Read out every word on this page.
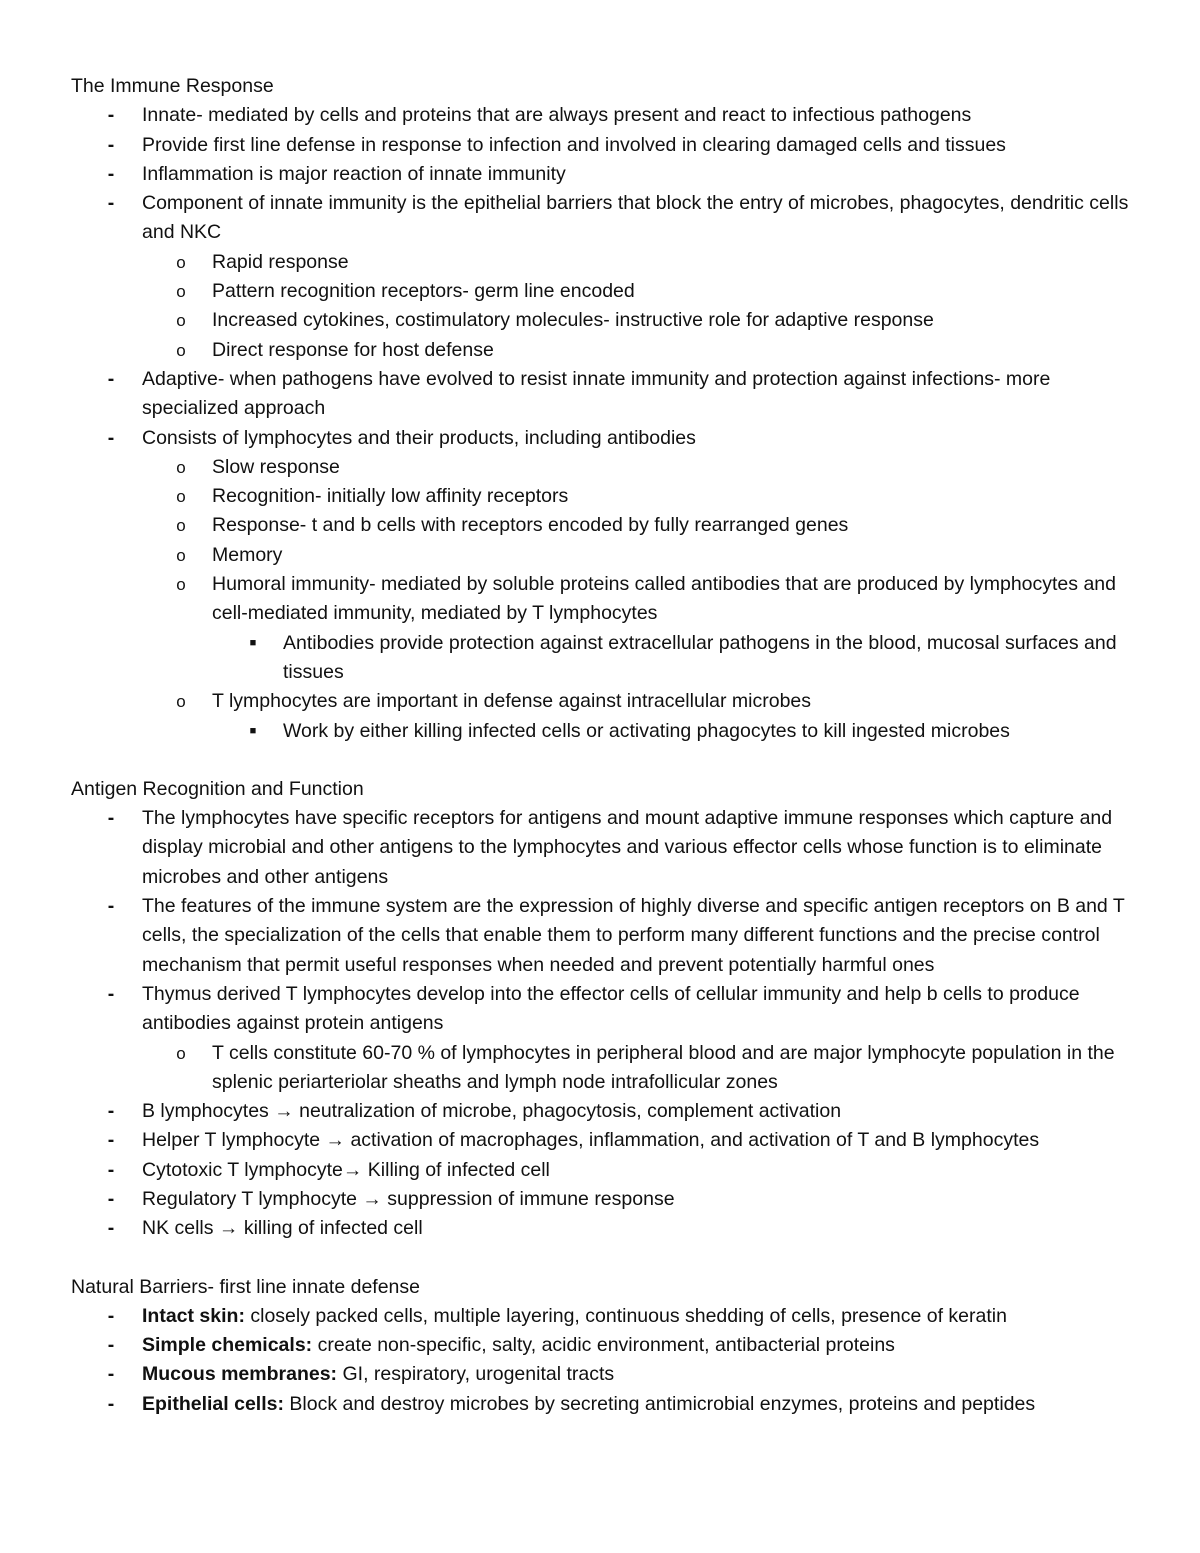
The Immune Response

-	Innate- mediated by cells and proteins that are always present and react to infectious pathogens
-	Provide first line defense in response to infection and involved in clearing damaged cells and tissues
-	Inflammation is major reaction of innate immunity
-	Component of innate immunity is the epithelial barriers that block the entry of microbes, phagocytes, dendritic cells and NKC
o Rapid response
o Pattern recognition receptors- germ line encoded
o Increased cytokines, costimulatory molecules- instructive role for adaptive response
o Direct response for host defense
-	Adaptive- when pathogens have evolved to resist innate immunity and protection against infections- more specialized approach
-	Consists of lymphocytes and their products, including antibodies
o Slow response
o Recognition- initially low affinity receptors
o Response- t and b cells with receptors encoded by fully rearranged genes
o Memory
o Humoral immunity- mediated by soluble proteins called antibodies that are produced by lymphocytes and cell-mediated immunity, mediated by T lymphocytes
■	Antibodies provide protection against extracellular pathogens in the blood, mucosal surfaces and tissues
o T lymphocytes are important in defense against intracellular microbes
■	Work by either killing infected cells or activating phagocytes to kill ingested microbes

Antigen Recognition and Function

-	The lymphocytes have specific receptors for antigens and mount adaptive immune responses which capture and display microbial and other antigens to the lymphocytes and various effector cells whose function is to eliminate microbes and other antigens
-	The features of the immune system are the expression of highly diverse and specific antigen receptors on B and T cells, the specialization of the cells that enable them to perform many different functions and the precise control mechanism that permit useful responses when needed and prevent potentially harmful ones
-	Thymus derived T lymphocytes develop into the effector cells of cellular immunity and help b cells to produce antibodies against protein antigens
o T cells constitute 60-70 % of lymphocytes in peripheral blood and are major lymphocyte population in the splenic periarteriolar sheaths and lymph node intrafollicular zones
-	B lymphocytes → neutralization of microbe, phagocytosis, complement activation
-	Helper T lymphocyte → activation of macrophages, inflammation, and activation of T and B lymphocytes
-	Cytotoxic T lymphocyte→ Killing of infected cell
-	Regulatory T lymphocyte → suppression of immune response
-	NK cells → killing of infected cell

Natural Barriers- first line innate defense

-	Intact skin: closely packed cells, multiple layering, continuous shedding of cells, presence of keratin
-	Simple chemicals: create non-specific, salty, acidic environment, antibacterial proteins
-	Mucous membranes: GI, respiratory, urogenital tracts
-	Epithelial cells: Block and destroy microbes by secreting antimicrobial enzymes, proteins and peptides
